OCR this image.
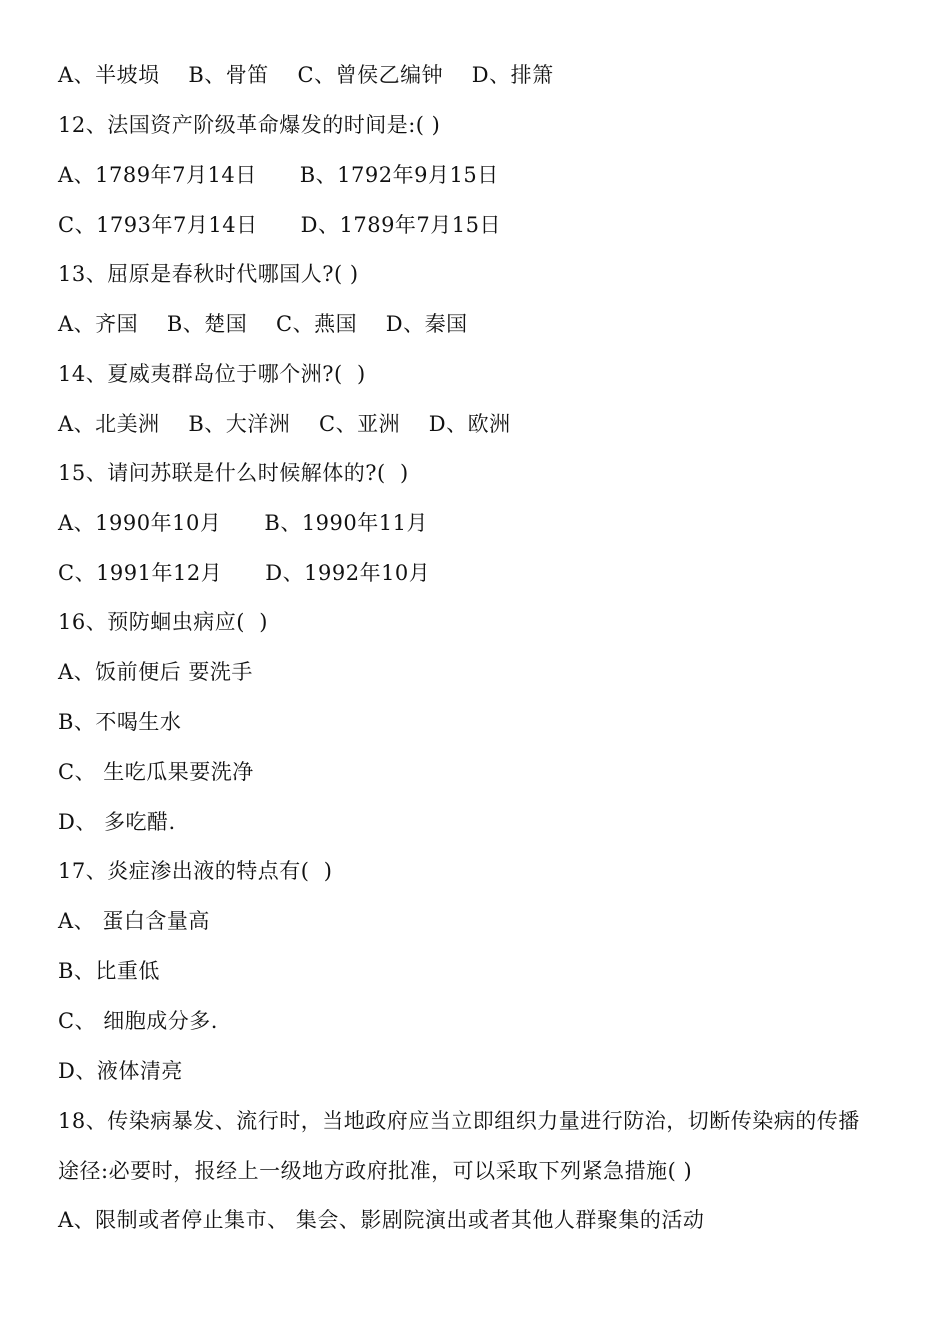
A、半坡埙    B、骨笛    C、曾侯乙编钟    D、排箫
12、法国资产阶级革命爆发的时间是:( )
A、1789年7月14日      B、1792年9月15日
C、1793年7月14日      D、1789年7月15日
13、屈原是春秋时代哪国人?( )
A、齐国    B、楚国    C、燕国    D、秦国
14、夏威夷群岛位于哪个洲?(  )
A、北美洲    B、大洋洲    C、亚洲    D、欧洲
15、请问苏联是什么时候解体的?(  )
A、1990年10月      B、1990年11月
C、1991年12月      D、1992年10月
16、预防蛔虫病应(  )
A、饭前便后 要洗手
B、不喝生水
C、 生吃瓜果要洗净
D、 多吃醋.
17、炎症渗出液的特点有(  )
A、 蛋白含量高
B、比重低
C、 细胞成分多.
D、液体清亮
18、传染病暴发、流行时，当地政府应当立即组织力量进行防治，切断传染病的传播
途径:必要时，报经上一级地方政府批准，可以采取下列紧急措施( )
A、限制或者停止集市、 集会、影剧院演出或者其他人群聚集的活动
